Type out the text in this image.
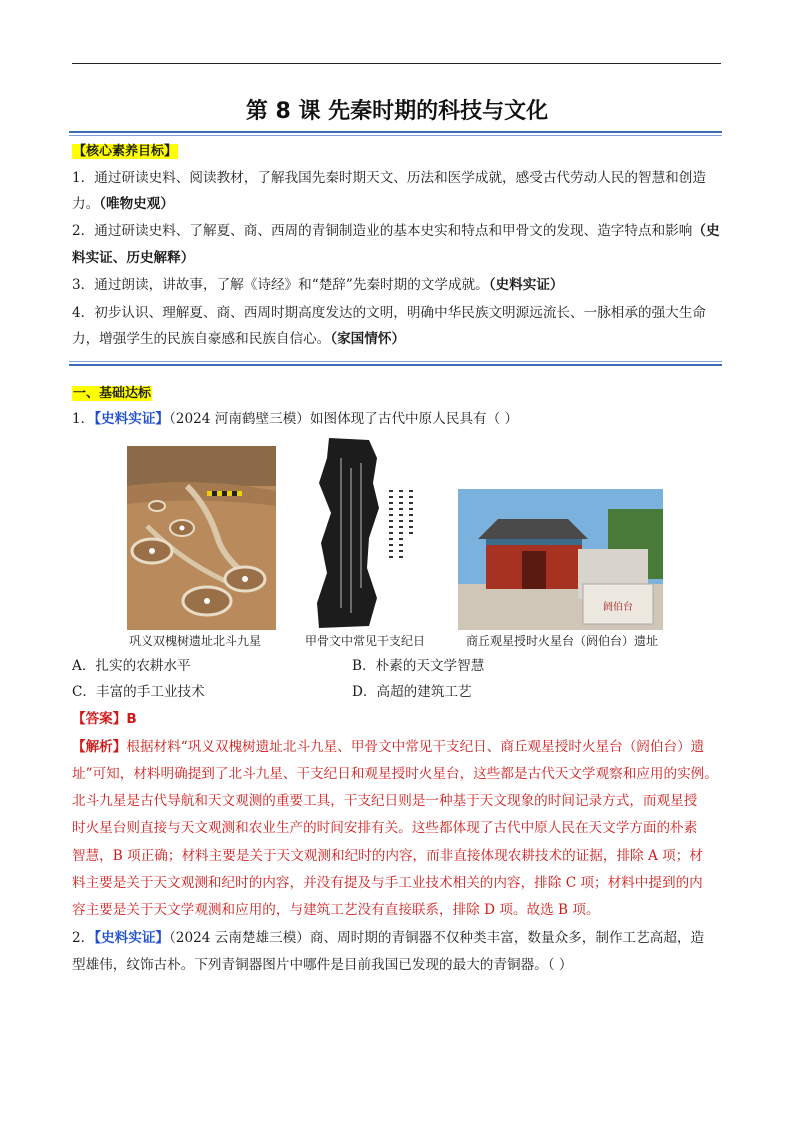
第 8 课 先秦时期的科技与文化
【核心素养目标】
1．通过研读史料、阅读教材，了解我国先秦时期天文、历法和医学成就，感受古代劳动人民的智慧和创造
力。（唯物史观）
2．通过研读史料、了解夏、商、西周的青铜制造业的基本史实和特点和甲骨文的发现、造字特点和影响（史
料实证、历史解释）
3．通过朗读，讲故事，了解《诗经》和“楚辞”先秦时期的文学成就。（史料实证）
4．初步认识、理解夏、商、西周时期高度发达的文明，明确中华民族文明源远流长、一脉相承的强大生命
力，增强学生的民族自豪感和民族自信心。（家国情怀）
一、基础达标
1．【史料实证】（2024 河南鹤壁三模）如图体现了古代中原人民具有（ ）
阏伯台
巩义双槐树遗址北斗九星	甲骨文中常见干支纪日	商丘观星授时火星台（阏伯台）遗址
A．扎实的农耕水平	B．朴素的天文学智慧
C．丰富的手工业技术	D．高超的建筑工艺
【答案】B
【解析】根据材料“巩义双槐树遗址北斗九星、甲骨文中常见干支纪日、商丘观星授时火星台（阏伯台）遗
址”可知，材料明确提到了北斗九星、干支纪日和观星授时火星台，这些都是古代天文学观察和应用的实例。
北斗九星是古代导航和天文观测的重要工具，干支纪日则是一种基于天文现象的时间记录方式，而观星授
时火星台则直接与天文观测和农业生产的时间安排有关。这些都体现了古代中原人民在天文学方面的朴素
智慧，B 项正确；材料主要是关于天文观测和纪时的内容，而非直接体现农耕技术的证据，排除 A 项；材
料主要是关于天文观测和纪时的内容，并没有提及与手工业技术相关的内容，排除 C 项；材料中提到的内
容主要是关于天文学观测和应用的，与建筑工艺没有直接联系，排除 D 项。故选 B 项。
2．【史料实证】（2024 云南楚雄三模）商、周时期的青铜器不仅种类丰富，数量众多，制作工艺高超，造
型雄伟，纹饰古朴。下列青铜器图片中哪件是目前我国已发现的最大的青铜器。（ ）
